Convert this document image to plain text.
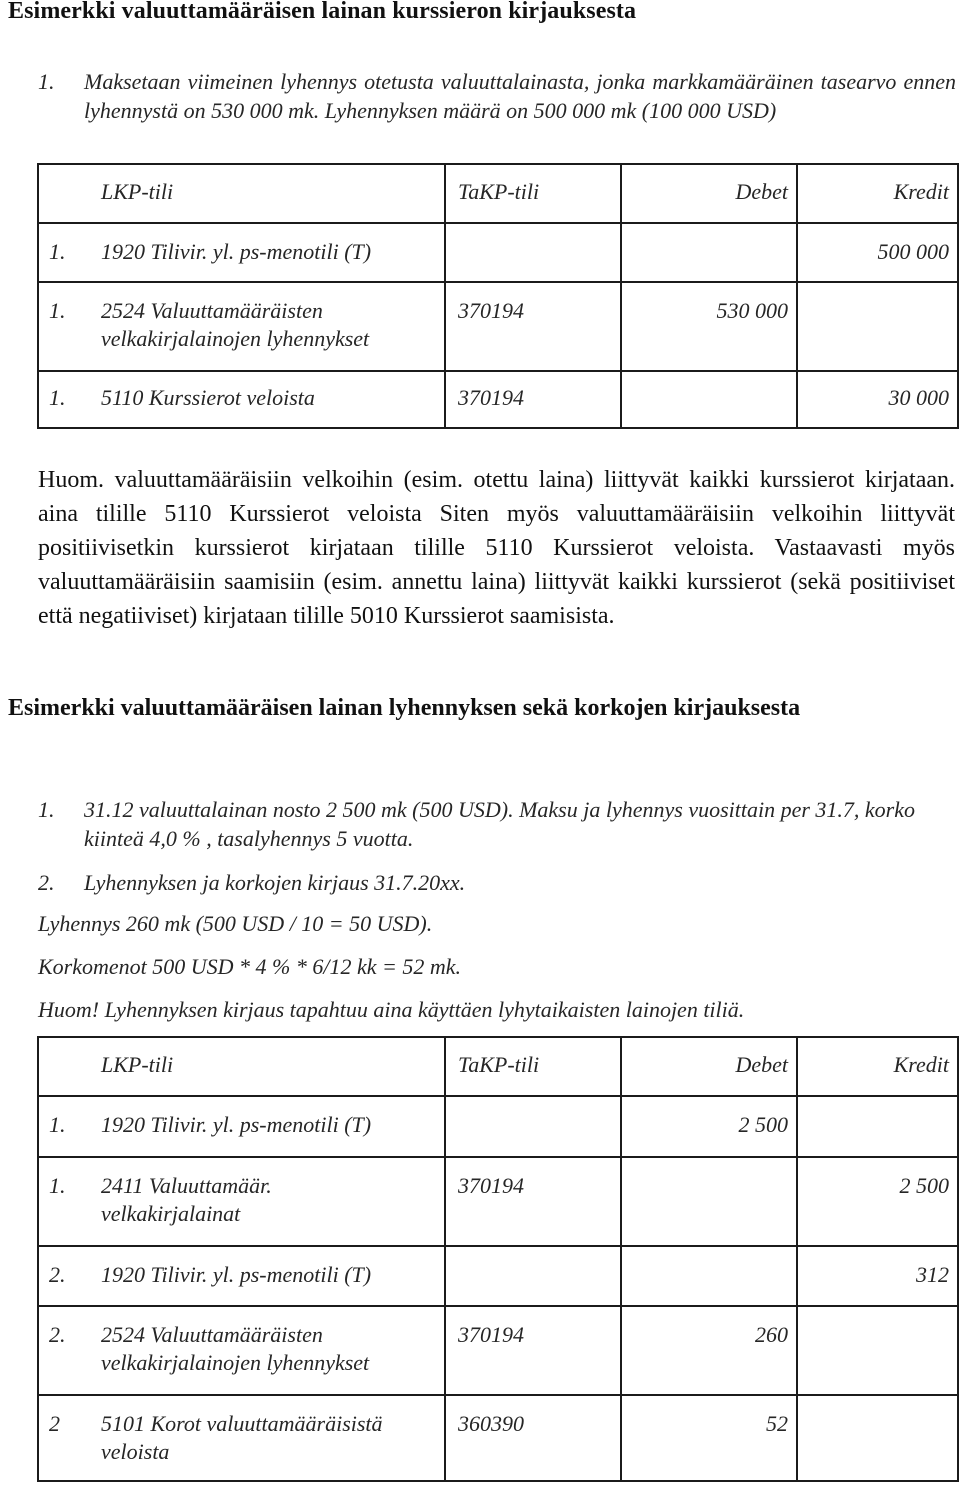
Esimerkki valuuttamääräisen lainan kurssieron kirjauksesta
1. Maksetaan viimeinen lyhennys otetusta valuuttalainasta, jonka markkamääräinen tasearvo ennen lyhennystä on 530 000 mk. Lyhennyksen määrä on 500 000 mk (100 000 USD)
LKP-tili	TaKP-tili	Debet	Kredit

1. 1920 Tilivir. yl. ps-menotili (T)			500 000

1. 2524 Valuuttamääräisten velkakirjalainojen lyhennykset	370194	530 000	

1. 5110 Kurssierot veloista	370194		30 000
Huom. valuuttamääräisiin velkoihin (esim. otettu laina) liittyvät kaikki kurssierot kirjataan. aina tilille 5110 Kurssierot veloista Siten myös valuuttamääräisiin velkoihin liittyvät positiivisetkin kurssierot kirjataan tilille 5110 Kurssierot veloista. Vastaavasti myös valuuttamääräisiin saamisiin (esim. annettu laina) liittyvät kaikki kurssierot (sekä positiiviset että negatiiviset) kirjataan tilille 5010 Kurssierot saamisista.
Esimerkki valuuttamääräisen lainan lyhennyksen sekä korkojen kirjauksesta
1. 31.12 valuuttalainan nosto 2 500 mk (500 USD). Maksu ja lyhennys vuosittain per 31.7, korko kiinteä 4,0 % , tasalyhennys 5 vuotta.
2. Lyhennyksen ja korkojen kirjaus 31.7.20xx.
Lyhennys 260 mk (500 USD / 10 = 50 USD).
Korkomenot 500 USD * 4 % * 6/12 kk = 52 mk.
Huom! Lyhennyksen kirjaus tapahtuu aina käyttäen lyhytaikaisten lainojen tiliä.
LKP-tili	TaKP-tili	Debet	Kredit

1. 1920 Tilivir. yl. ps-menotili (T)		2 500	

1. 2411 Valuuttamäär. velkakirjalainat	370194		2 500

2. 1920 Tilivir. yl. ps-menotili (T)			312

2. 2524 Valuuttamääräisten velkakirjalainojen lyhennykset	370194	260	

2 5101 Korot valuuttamääräisistä veloista	360390	52	
